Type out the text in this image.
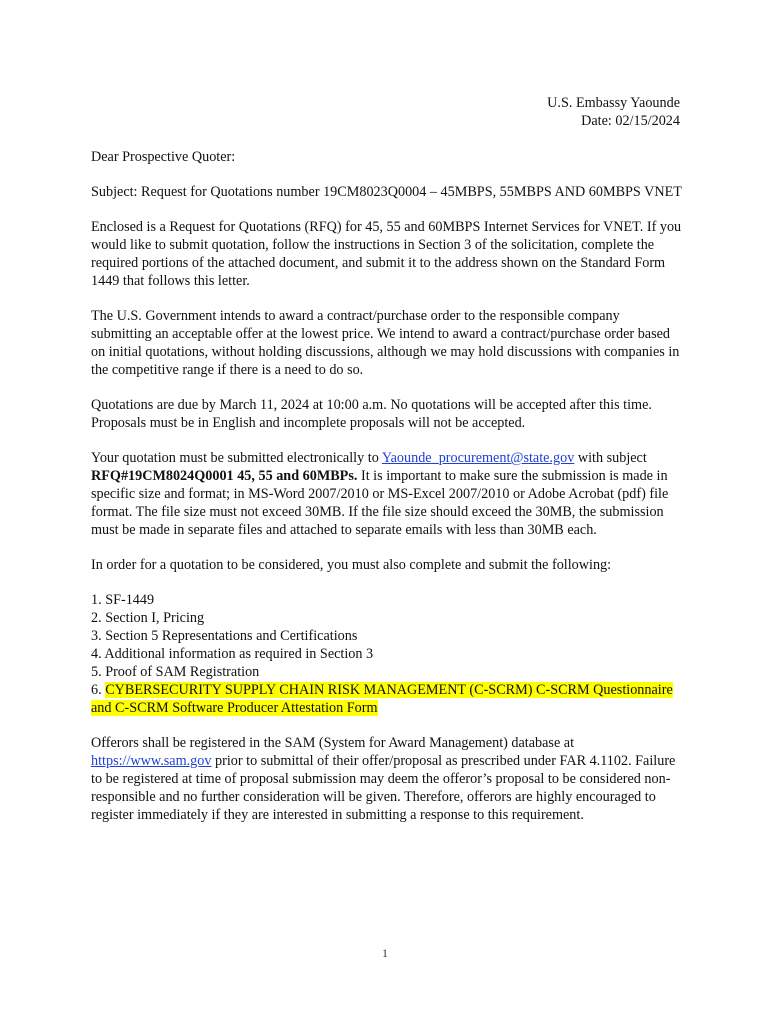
U.S. Embassy Yaounde
Date: 02/15/2024

Dear Prospective Quoter:

Subject: Request for Quotations number 19CM8023Q0004 – 45MBPS, 55MBPS AND 60MBPS VNET

Enclosed is a Request for Quotations (RFQ) for 45, 55 and 60MBPS Internet Services for VNET. If you would like to submit quotation, follow the instructions in Section 3 of the solicitation, complete the required portions of the attached document, and submit it to the address shown on the Standard Form 1449 that follows this letter.

The U.S. Government intends to award a contract/purchase order to the responsible company submitting an acceptable offer at the lowest price. We intend to award a contract/purchase order based on initial quotations, without holding discussions, although we may hold discussions with companies in the competitive range if there is a need to do so.

Quotations are due by March 11, 2024 at 10:00 a.m. No quotations will be accepted after this time. Proposals must be in English and incomplete proposals will not be accepted.

Your quotation must be submitted electronically to Yaounde_procurement@state.gov with subject RFQ#19CM8024Q0001 45, 55 and 60MBPs. It is important to make sure the submission is made in specific size and format; in MS-Word 2007/2010 or MS-Excel 2007/2010 or Adobe Acrobat (pdf) file format. The file size must not exceed 30MB. If the file size should exceed the 30MB, the submission must be made in separate files and attached to separate emails with less than 30MB each.

In order for a quotation to be considered, you must also complete and submit the following:

1. SF-1449
2. Section I, Pricing
3. Section 5 Representations and Certifications
4. Additional information as required in Section 3
5. Proof of SAM Registration
6. CYBERSECURITY SUPPLY CHAIN RISK MANAGEMENT (C-SCRM) C-SCRM Questionnaire and C-SCRM Software Producer Attestation Form

Offerors shall be registered in the SAM (System for Award Management) database at https://www.sam.gov prior to submittal of their offer/proposal as prescribed under FAR 4.1102. Failure to be registered at time of proposal submission may deem the offeror’s proposal to be considered non-responsible and no further consideration will be given. Therefore, offerors are highly encouraged to register immediately if they are interested in submitting a response to this requirement.

1
